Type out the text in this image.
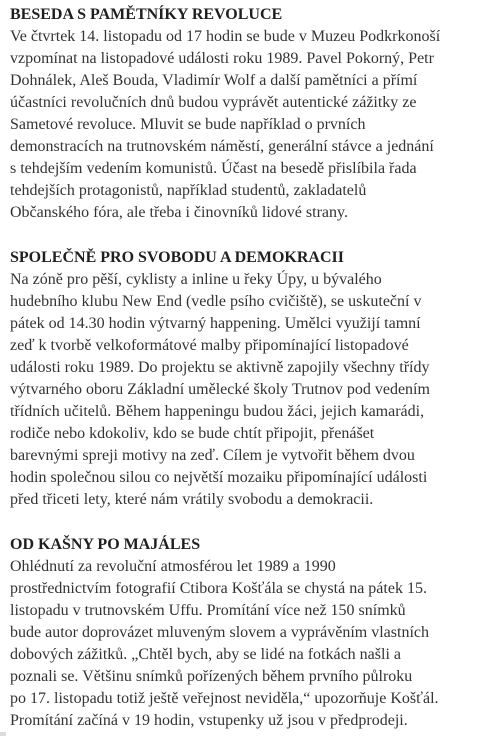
BESEDA S PAMĚTNÍKY REVOLUCE

Ve čtvrtek 14. listopadu od 17 hodin se bude v Muzeu Podkrkonoší
vzpomínat na listopadové události roku 1989. Pavel Pokorný, Petr
Dohnálek, Aleš Bouda, Vladimír Wolf a další pamětníci a přímí
účastníci revolučních dnů budou vyprávět autentické zážitky ze
Sametové revoluce. Mluvit se bude například o prvních
demonstracích na trutnovském náměstí, generální stávce a jednání
s tehdejším vedením komunistů. Účast na besedě přislíbila řada
tehdejších protagonistů, například studentů, zakladatelů
Občanského fóra, ale třeba i činovníků lidové strany.

SPOLEČNĚ PRO SVOBODU A DEMOKRACII

Na zóně pro pěší, cyklisty a inline u řeky Úpy, u bývalého
hudebního klubu New End (vedle psího cvičiště), se uskuteční v
pátek od 14.30 hodin výtvarný happening. Umělci využijí tamní
zeď k tvorbě velkoformátové malby připomínající listopadové
události roku 1989. Do projektu se aktivně zapojily všechny třídy
výtvarného oboru Základní umělecké školy Trutnov pod vedením
třídních učitelů. Během happeningu budou žáci, jejich kamarádi,
rodiče nebo kdokoliv, kdo se bude chtít připojit, přenášet
barevnými spreji motivy na zeď. Cílem je vytvořit během dvou
hodin společnou silou co největší mozaiku připomínající události
před třiceti lety, které nám vrátily svobodu a demokracii.

OD KAŠNY PO MAJÁLES

Ohlédnutí za revoluční atmosférou let 1989 a 1990
prostřednictvím fotografií Ctibora Košťála se chystá na pátek 15.
listopadu v trutnovském Uffu. Promítání více než 150 snímků
bude autor doprovázet mluveným slovem a vyprávěním vlastních
dobových zážitků. „Chtěl bych, aby se lidé na fotkách našli a
poznali se. Většinu snímků pořízených během prvního půlroku
po 17. listopadu totiž ještě veřejnost neviděla,“ upozorňuje Košťál.
Promítání začíná v 19 hodin, vstupenky už jsou v předprodeji.
